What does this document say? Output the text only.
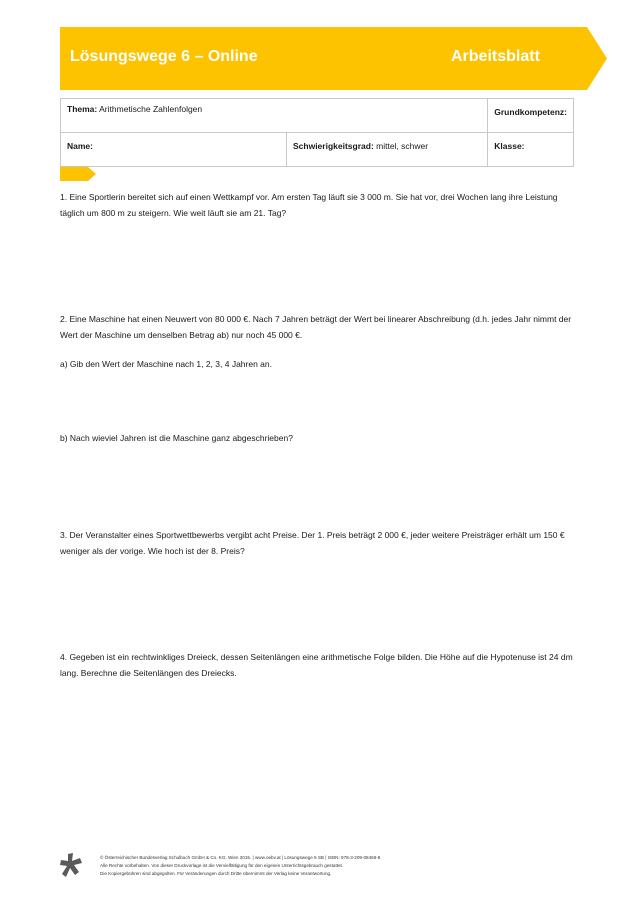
Lösungswege 6 – Online	Arbeitsblatt
Thema: Arithmetische Zahlenfolgen		Grundkompetenz:
Name:	Schwierigkeitsgrad: mittel, schwer	Klasse:
1. Eine Sportlerin bereitet sich auf einen Wettkampf vor. Am ersten Tag läuft sie 3 000 m. Sie hat vor, drei Wochen lang ihre Leistung täglich um 800 m zu steigern. Wie weit läuft sie am 21. Tag?
2. Eine Maschine hat einen Neuwert von 80 000 €. Nach 7 Jahren beträgt der Wert bei linearer Abschreibung (d.h. jedes Jahr nimmt der Wert der Maschine um denselben Betrag ab) nur noch 45 000 €.
a) Gib den Wert der Maschine nach 1, 2, 3, 4 Jahren an.
b) Nach wieviel Jahren ist die Maschine ganz abgeschrieben?
3. Der Veranstalter eines Sportwettbewerbs vergibt acht Preise. Der 1. Preis beträgt 2 000 €, jeder weitere Preisträger erhält um 150 € weniger als der vorige. Wie hoch ist der 8. Preis?
4. Gegeben ist ein rechtwinkliges Dreieck, dessen Seitenlängen eine arithmetische Folge bilden. Die Höhe auf die Hypotenuse ist 24 dm lang. Berechne die Seitenlängen des Dreiecks.
© Österreichischer Bundesverlag Schulbuch GmbH & Co. KG, Wien 2015. | www.oebv.at | Lösungswege 5 SB | ISBN: 978-3-209-08466-8
Alle Rechte vorbehalten. Von dieser Druckvorlage ist die Vervielfältigung für den eigenen Unterrichtsgebrauch gestattet.
Die Kopiergebühren sind abgegolten. Für Veränderungen durch Dritte übernimmt der Verlag keine Verantwortung.
